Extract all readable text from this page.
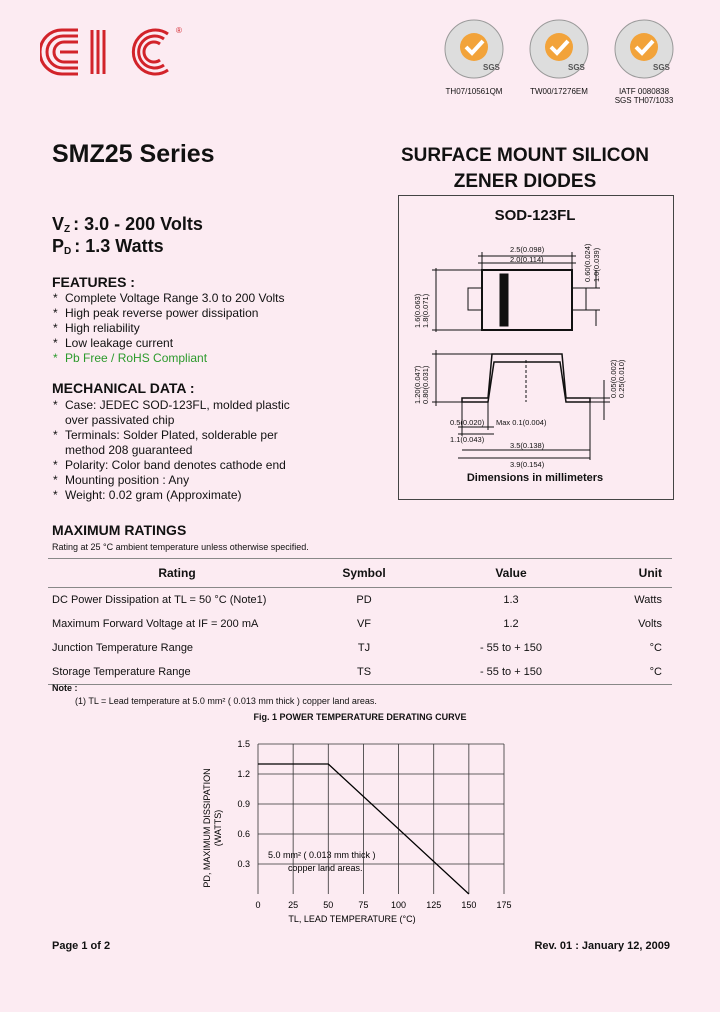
®
SGS
TH07/10561QM
SGS
TW00/17276EM
SGS
IATF 0080838
SGS TH07/1033
SMZ25 Series	SURFACE MOUNT SILICON
ZENER DIODES
$V_Z$ : 3.0 - 200 Volts
$P_D$ : 1.3 Watts
FEATURES :
* Complete Voltage Range 3.0 to 200 Volts
* High peak reverse power dissipation
* High reliability
* Low leakage current
* Pb Free / RoHS Compliant
MECHANICAL DATA :
* Case: JEDEC SOD-123FL, molded plastic
over passivated chip
* Terminals: Solder Plated, solderable per
method 208 guaranteed
* Polarity: Color band denotes cathode end
* Mounting position : Any
* Weight: 0.02 gram (Approximate)
SOD-123FL
2.5(0.098)
2.0(0.114)	0.60(0.024) 1.0(0.039)
1.8(0.071)
1.6(0.063)
0.80(0.031)
1.20(0.047)	0.05(0.002) 0.25(0.010)
0.5(0.020)
1.1(0.043)
Max 0.1(0.004)
3.5(0.138)
3.9(0.154)
Dimensions in millimeters
MAXIMUM RATINGS
Rating at 25 °C ambient temperature unless otherwise specified.
Rating	Symbol	Value	Unit
DC Power Dissipation at TL = 50 °C (Note1)	PD	1.3	Watts
Maximum Forward Voltage at IF = 200 mA	VF	1.2	Volts
Junction Temperature Range	TJ	- 55 to + 150	°C
Storage Temperature Range	TS	- 55 to + 150	°C
Note :
(1) TL = Lead temperature at 5.0 mm² ( 0.013 mm thick ) copper land areas.
Fig. 1 POWER TEMPERATURE DERATING CURVE
PD, MAXIMUM DISSIPATION (WATTS)
TL, LEAD TEMPERATURE (°C)
5.0 mm² ( 0.013 mm thick )
copper land areas.
0.3
0.6
0.9
1.2
1.5
0	25	50	75	100 125 150 175
Page 1 of 2	Rev. 01 : January 12, 2009
